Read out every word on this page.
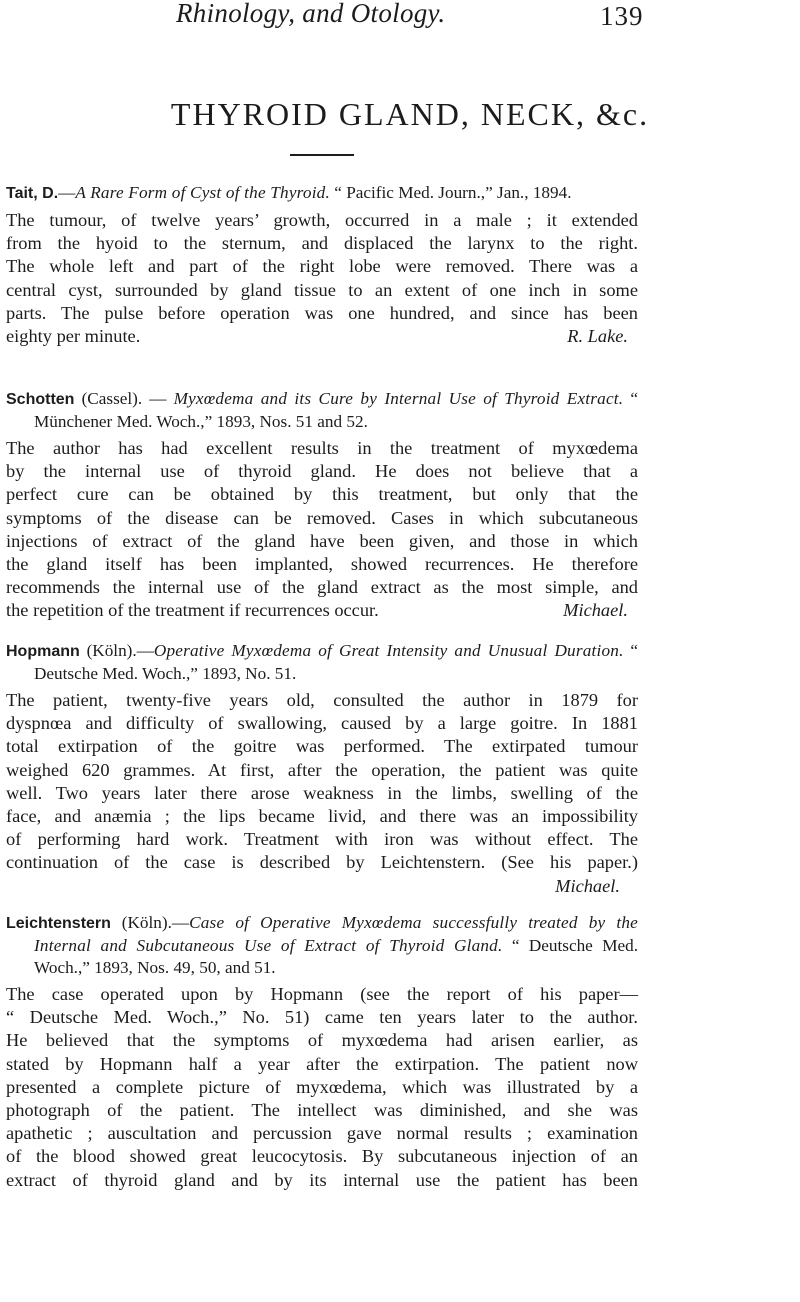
Rhinology, and Otology.	139
THYROID GLAND, NECK, &c.

Tait, D.—A Rare Form of Cyst of the Thyroid. “ Pacific Med. Journ.,” Jan., 1894.

The tumour, of twelve years’ growth, occurred in a male ; it extended
from the hyoid to the sternum, and displaced the larynx to the right.
The whole left and part of the right lobe were removed. There was a
central cyst, surrounded by gland tissue to an extent of one inch in some
parts. The pulse before operation was one hundred, and since has been
eighty per minute.	R. Lake.

Schotten (Cassel). — Myxœdema and its Cure by Internal Use of Thyroid Extract. “ Münchener Med. Woch.,” 1893, Nos. 51 and 52.

The author has had excellent results in the treatment of myxœdema
by the internal use of thyroid gland. He does not believe that a
perfect cure can be obtained by this treatment, but only that the
symptoms of the disease can be removed. Cases in which subcutaneous
injections of extract of the gland have been given, and those in which
the gland itself has been implanted, showed recurrences. He therefore
recommends the internal use of the gland extract as the most simple, and
the repetition of the treatment if recurrences occur.	Michael.

Hopmann (Köln).—Operative Myxœdema of Great Intensity and Unusual Duration. “ Deutsche Med. Woch.,” 1893, No. 51.

The patient, twenty-five years old, consulted the author in 1879 for
dyspnœa and difficulty of swallowing, caused by a large goitre. In 1881
total extirpation of the goitre was performed. The extirpated tumour
weighed 620 grammes. At first, after the operation, the patient was quite
well. Two years later there arose weakness in the limbs, swelling of the
face, and anæmia ; the lips became livid, and there was an impossibility
of performing hard work. Treatment with iron was without effect. The
continuation of the case is described by Leichtenstern. (See his paper.)
Michael.

Leichtenstern (Köln).—Case of Operative Myxœdema successfully treated by the Internal and Subcutaneous Use of Extract of Thyroid Gland. “ Deutsche Med. Woch.,” 1893, Nos. 49, 50, and 51.

The case operated upon by Hopmann (see the report of his paper—
“ Deutsche Med. Woch.,” No. 51) came ten years later to the author.
He believed that the symptoms of myxœdema had arisen earlier, as
stated by Hopmann half a year after the extirpation. The patient now
presented a complete picture of myxœdema, which was illustrated by a
photograph of the patient. The intellect was diminished, and she was
apathetic ; auscultation and percussion gave normal results ; examination
of the blood showed great leucocytosis. By subcutaneous injection of an
extract of thyroid gland and by its internal use the patient has been
